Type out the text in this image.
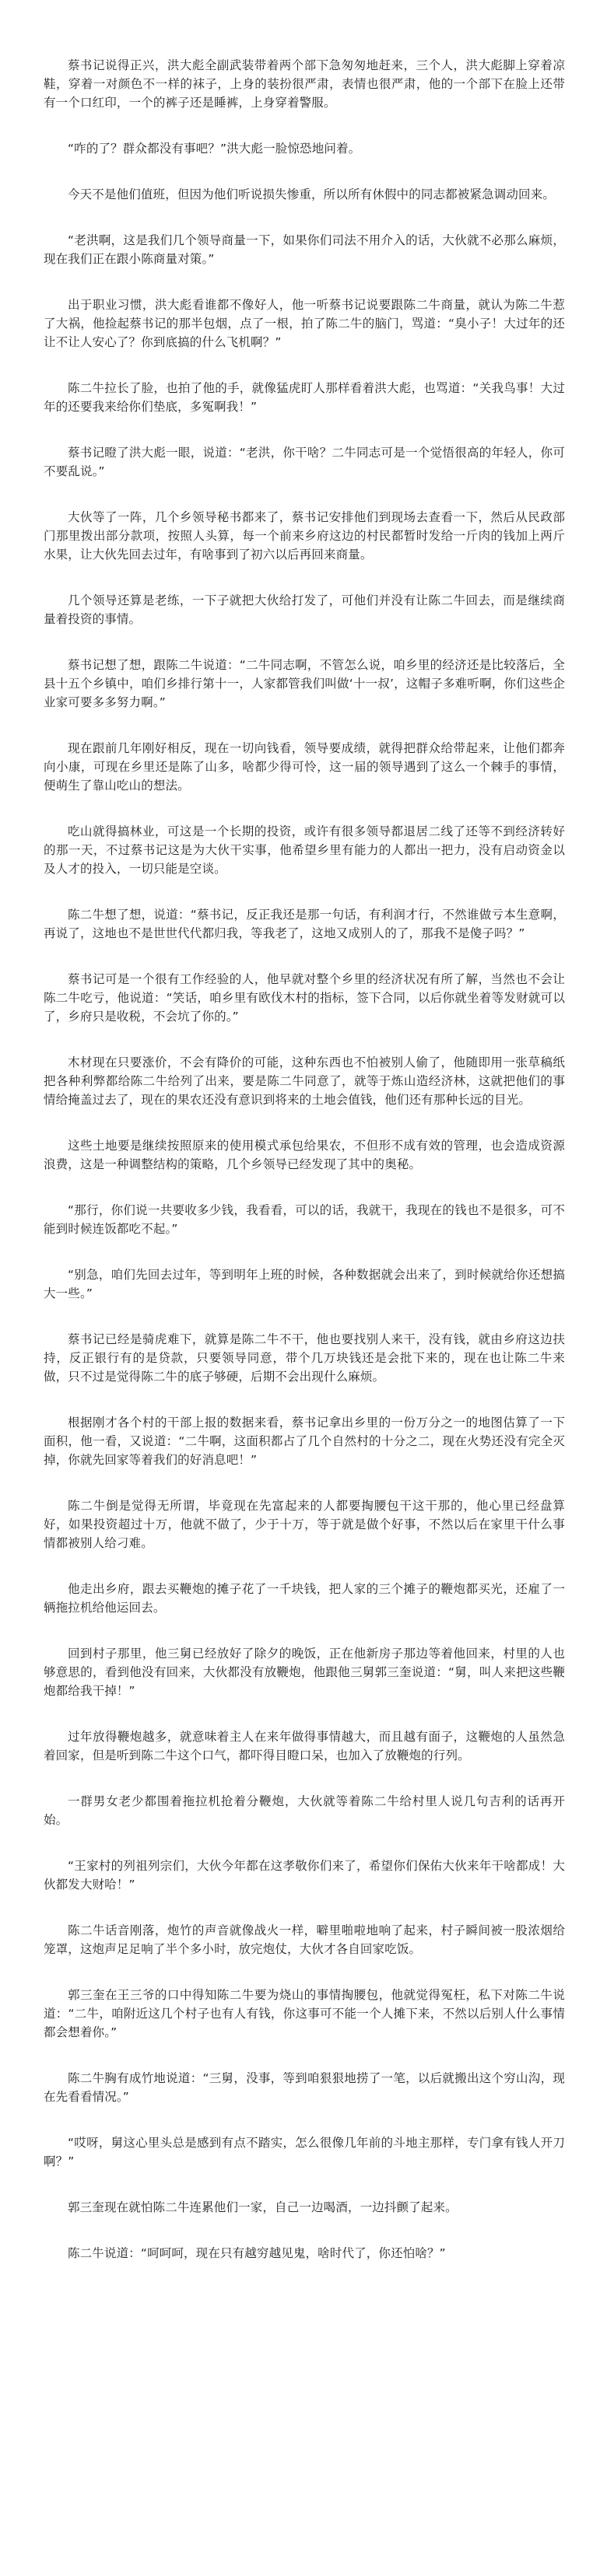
蔡书记说得正兴，洪大彪全副武装带着两个部下急匆匆地赶来，三个人，洪大彪脚上穿着凉鞋，穿着一对颜色不一样的袜子，上身的装扮很严肃，表情也很严肃，他的一个部下在脸上还带有一个口红印，一个的裤子还是睡裤，上身穿着警服。

“咋的了？群众都没有事吧？”洪大彪一脸惊恐地问着。

今天不是他们值班，但因为他们听说损失惨重，所以所有休假中的同志都被紧急调动回来。

“老洪啊，这是我们几个领导商量一下，如果你们司法不用介入的话，大伙就不必那么麻烦，现在我们正在跟小陈商量对策。”

出于职业习惯，洪大彪看谁都不像好人，他一听蔡书记说要跟陈二牛商量，就认为陈二牛惹了大祸，他捡起蔡书记的那半包烟，点了一根，拍了陈二牛的脑门，骂道：“臭小子！大过年的还让不让人安心了？你到底搞的什么飞机啊？”

陈二牛拉长了脸，也拍了他的手，就像猛虎盯人那样看着洪大彪，也骂道：“关我鸟事！大过年的还要我来给你们垫底，多冤啊我！”

蔡书记瞪了洪大彪一眼，说道：“老洪，你干啥？二牛同志可是一个觉悟很高的年轻人，你可不要乱说。”

大伙等了一阵，几个乡领导秘书都来了，蔡书记安排他们到现场去查看一下，然后从民政部门那里拨出部分款项，按照人头算，每一个前来乡府这边的村民都暂时发给一斤肉的钱加上两斤水果，让大伙先回去过年，有啥事到了初六以后再回来商量。

几个领导还算是老练，一下子就把大伙给打发了，可他们并没有让陈二牛回去，而是继续商量着投资的事情。

蔡书记想了想，跟陈二牛说道：“二牛同志啊，不管怎么说，咱乡里的经济还是比较落后，全县十五个乡镇中，咱们乡排行第十一，人家都管我们叫做‘十一叔’，这帽子多难听啊，你们这些企业家可要多多努力啊。”

现在跟前几年刚好相反，现在一切向钱看，领导要成绩，就得把群众给带起来，让他们都奔向小康，可现在乡里还是陈了山多，啥都少得可怜，这一届的领导遇到了这么一个棘手的事情，便萌生了靠山吃山的想法。

吃山就得搞林业，可这是一个长期的投资，或许有很多领导都退居二线了还等不到经济转好的那一天，不过蔡书记这是为大伙干实事，他希望乡里有能力的人都出一把力，没有启动资金以及人才的投入，一切只能是空谈。

陈二牛想了想，说道：“蔡书记，反正我还是那一句话，有利润才行，不然谁做亏本生意啊，再说了，这地也不是世世代代都归我，等我老了，这地又成别人的了，那我不是傻子吗？”

蔡书记可是一个很有工作经验的人，他早就对整个乡里的经济状况有所了解，当然也不会让陈二牛吃亏，他说道：“笑话，咱乡里有欧伐木村的指标，签下合同，以后你就坐着等发财就可以了，乡府只是收税，不会坑了你的。”

木材现在只要涨价，不会有降价的可能，这种东西也不怕被别人偷了，他随即用一张草稿纸把各种利弊都给陈二牛给列了出来，要是陈二牛同意了，就等于炼山造经济林，这就把他们的事情给掩盖过去了，现在的果农还没有意识到将来的土地会值钱，他们还有那种长远的目光。

这些土地要是继续按照原来的使用模式承包给果农，不但形不成有效的管理，也会造成资源浪费，这是一种调整结构的策略，几个乡领导已经发现了其中的奥秘。

“那行，你们说一共要收多少钱，我看看，可以的话，我就干，我现在的钱也不是很多，可不能到时候连饭都吃不起。”

“别急，咱们先回去过年，等到明年上班的时候，各种数据就会出来了，到时候就给你还想搞大一些。”

蔡书记已经是骑虎难下，就算是陈二牛不干，他也要找别人来干，没有钱，就由乡府这边扶持，反正银行有的是贷款，只要领导同意，带个几万块钱还是会批下来的，现在也让陈二牛来做，只不过是觉得陈二牛的底子够硬，后期不会出现什么麻烦。

根据刚才各个村的干部上报的数据来看，蔡书记拿出乡里的一份万分之一的地图估算了一下面积，他一看，又说道：“二牛啊，这面积都占了几个自然村的十分之二，现在火势还没有完全灭掉，你就先回家等着我们的好消息吧！”

陈二牛倒是觉得无所谓，毕竟现在先富起来的人都要掏腰包干这干那的，他心里已经盘算好，如果投资超过十万，他就不做了，少于十万，等于就是做个好事，不然以后在家里干什么事情都被别人给刁难。

他走出乡府，跟去买鞭炮的摊子花了一千块钱，把人家的三个摊子的鞭炮都买光，还雇了一辆拖拉机给他运回去。

回到村子那里，他三舅已经放好了除夕的晚饭，正在他新房子那边等着他回来，村里的人也够意思的，看到他没有回来，大伙都没有放鞭炮，他跟他三舅郭三奎说道：“舅，叫人来把这些鞭炮都给我干掉！”

过年放得鞭炮越多，就意味着主人在来年做得事情越大，而且越有面子，这鞭炮的人虽然急着回家，但是听到陈二牛这个口气，都吓得目瞪口呆，也加入了放鞭炮的行列。

一群男女老少都围着拖拉机抢着分鞭炮，大伙就等着陈二牛给村里人说几句吉利的话再开始。

“王家村的列祖列宗们，大伙今年都在这孝敬你们来了，希望你们保佑大伙来年干啥都成！大伙都发大财哈！”

陈二牛话音刚落，炮竹的声音就像战火一样，噼里啪啦地响了起来，村子瞬间被一股浓烟给笼罩，这炮声足足响了半个多小时，放完炮仗，大伙才各自回家吃饭。

郭三奎在王三爷的口中得知陈二牛要为烧山的事情掏腰包，他就觉得冤枉，私下对陈二牛说道：“二牛，咱附近这几个村子也有人有钱，你这事可不能一个人摊下来，不然以后别人什么事情都会想着你。”

陈二牛胸有成竹地说道：“三舅，没事，等到咱狠狠地捞了一笔，以后就搬出这个穷山沟，现在先看看情况。”

“哎呀，舅这心里头总是感到有点不踏实，怎么很像几年前的斗地主那样，专门拿有钱人开刀啊？”

郭三奎现在就怕陈二牛连累他们一家，自己一边喝酒，一边抖颤了起来。

陈二牛说道：“呵呵呵，现在只有越穷越见鬼，啥时代了，你还怕啥？”
